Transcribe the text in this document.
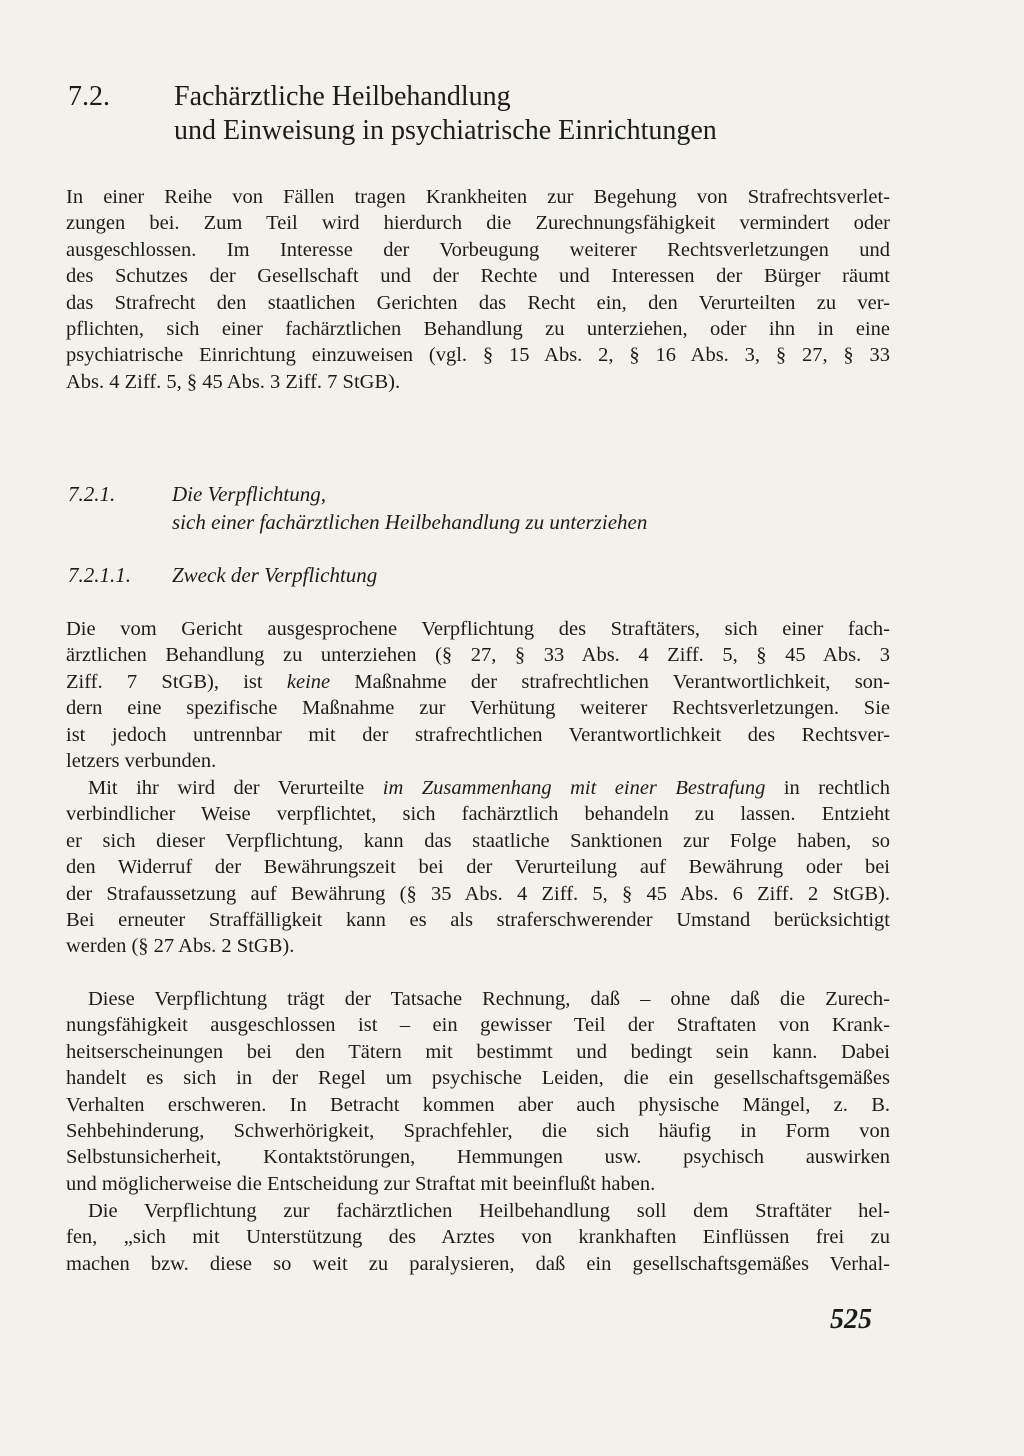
7.2. Fachärztliche Heilbehandlung
und Einweisung in psychiatrische Einrichtungen
In einer Reihe von Fällen tragen Krankheiten zur Begehung von Strafrechtsverlet-
zungen bei. Zum Teil wird hierdurch die Zurechnungsfähigkeit vermindert oder
ausgeschlossen. Im Interesse der Vorbeugung weiterer Rechtsverletzungen und
des Schutzes der Gesellschaft und der Rechte und Interessen der Bürger räumt
das Strafrecht den staatlichen Gerichten das Recht ein, den Verurteilten zu ver-
pflichten, sich einer fachärztlichen Behandlung zu unterziehen, oder ihn in eine
psychiatrische Einrichtung einzuweisen (vgl. § 15 Abs. 2, § 16 Abs. 3, § 27, § 33
Abs. 4 Ziff. 5, § 45 Abs. 3 Ziff. 7 StGB).
7.2.1.	Die Verpflichtung,
sich einer fachärztlichen Heilbehandlung zu unterziehen
7.2.1.1. Zweck der Verpflichtung
Die vom Gericht ausgesprochene Verpflichtung des Straftäters, sich einer fach-
ärztlichen Behandlung zu unterziehen (§ 27, § 33 Abs. 4 Ziff. 5, § 45 Abs. 3
Ziff. 7 StGB), ist keine Maßnahme der strafrechtlichen Verantwortlichkeit, son-
dern eine spezifische Maßnahme zur Verhütung weiterer Rechtsverletzungen. Sie
ist jedoch untrennbar mit der strafrechtlichen Verantwortlichkeit des Rechtsver-
letzers verbunden.
Mit ihr wird der Verurteilte im Zusammenhang mit einer Bestrafung in rechtlich
verbindlicher Weise verpflichtet, sich fachärztlich behandeln zu lassen. Entzieht
er sich dieser Verpflichtung, kann das staatliche Sanktionen zur Folge haben, so
den Widerruf der Bewährungszeit bei der Verurteilung auf Bewährung oder bei
der Strafaussetzung auf Bewährung (§ 35 Abs. 4 Ziff. 5, § 45 Abs. 6 Ziff. 2 StGB).
Bei erneuter Straffälligkeit kann es als straferschwerender Umstand berücksichtigt
werden (§ 27 Abs. 2 StGB).
Diese Verpflichtung trägt der Tatsache Rechnung, daß – ohne daß die Zurech-
nungsfähigkeit ausgeschlossen ist – ein gewisser Teil der Straftaten von Krank-
heitserscheinungen bei den Tätern mit bestimmt und bedingt sein kann. Dabei
handelt es sich in der Regel um psychische Leiden, die ein gesellschaftsgemäßes
Verhalten erschweren. In Betracht kommen aber auch physische Mängel, z. B.
Sehbehinderung, Schwerhörigkeit, Sprachfehler, die sich häufig in Form von
Selbstunsicherheit, Kontaktstörungen, Hemmungen usw. psychisch auswirken
und möglicherweise die Entscheidung zur Straftat mit beeinflußt haben.
Die Verpflichtung zur fachärztlichen Heilbehandlung soll dem Straftäter hel-
fen, „sich mit Unterstützung des Arztes von krankhaften Einflüssen frei zu
machen bzw. diese so weit zu paralysieren, daß ein gesellschaftsgemäßes Verhal-
525
